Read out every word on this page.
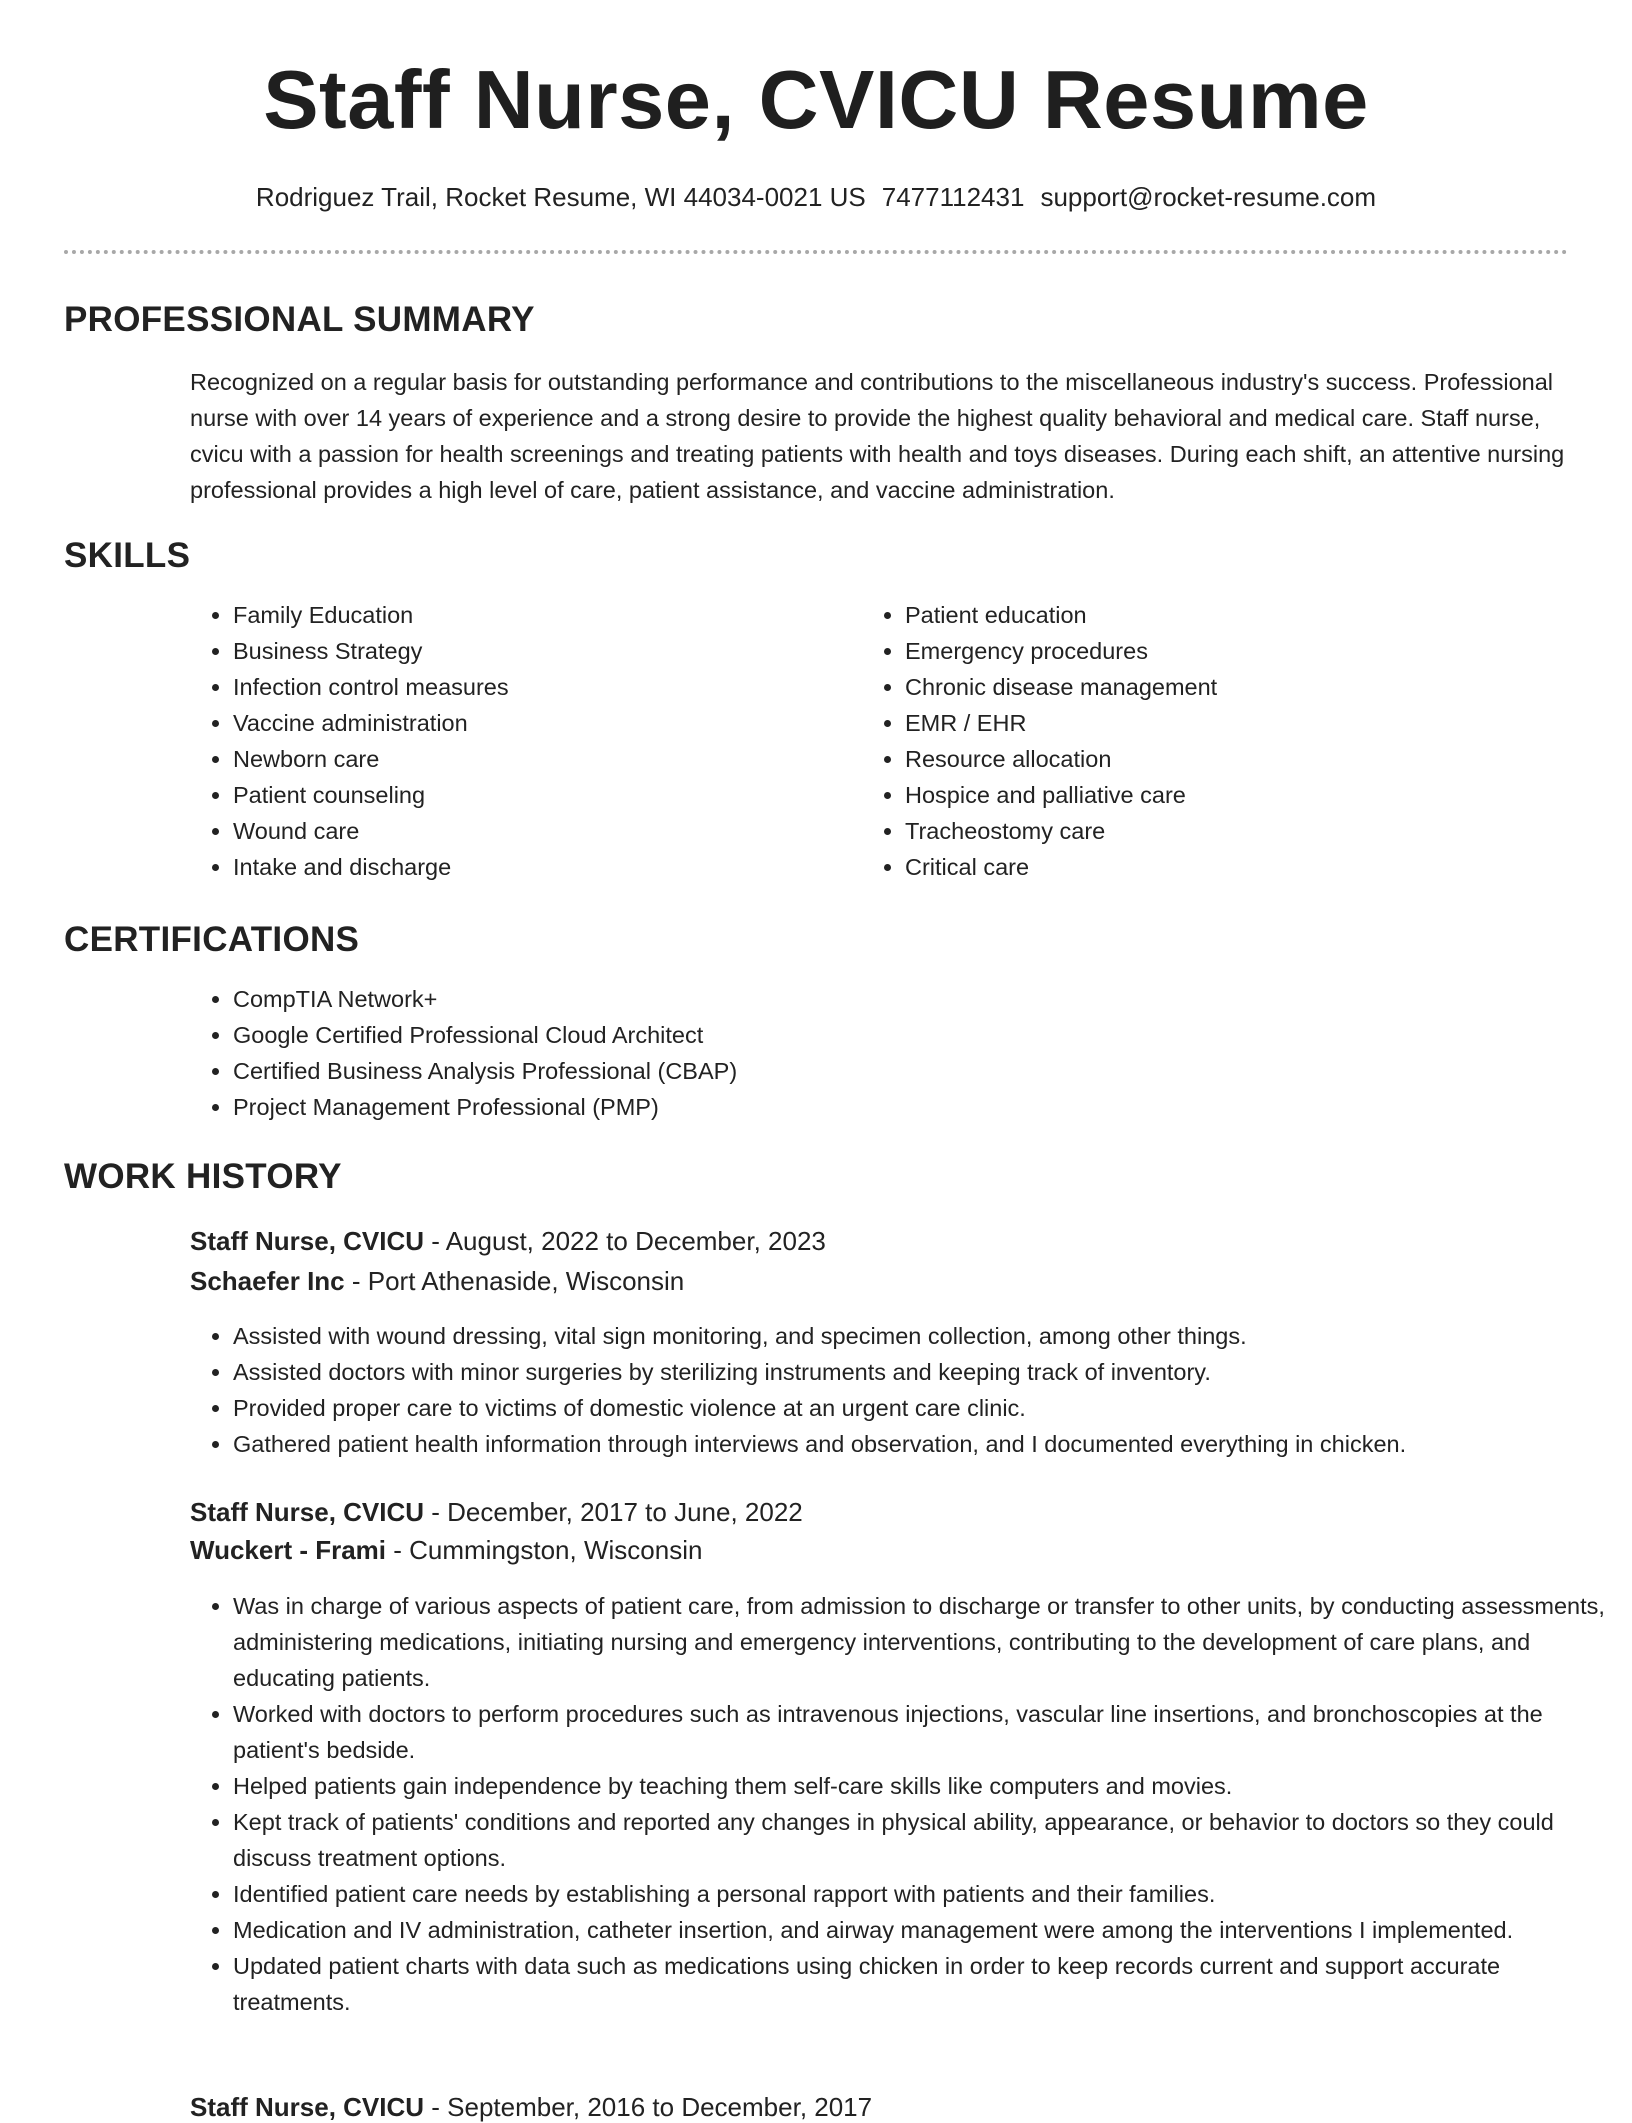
Staff Nurse, CVICU Resume
Rodriguez Trail, Rocket Resume, WI 44034-0021 US 7477112431 support@rocket-resume.com
PROFESSIONAL SUMMARY

Recognized on a regular basis for outstanding performance and contributions to the miscellaneous industry's success. Professional nurse with over 14 years of experience and a strong desire to provide the highest quality behavioral and medical care. Staff nurse, cvicu with a passion for health screenings and treating patients with health and toys diseases. During each shift, an attentive nursing professional provides a high level of care, patient assistance, and vaccine administration.

SKILLS
• Family Education
• Business Strategy
• Infection control measures
• Vaccine administration
• Newborn care
• Patient counseling
• Wound care
• Intake and discharge
• Patient education
• Emergency procedures
• Chronic disease management
• EMR / EHR
• Resource allocation
• Hospice and palliative care
• Tracheostomy care
• Critical care
CERTIFICATIONS
• CompTIA Network+
• Google Certified Professional Cloud Architect
• Certified Business Analysis Professional (CBAP)
• Project Management Professional (PMP)
WORK HISTORY
Staff Nurse, CVICU - August, 2022 to December, 2023
Schaefer Inc - Port Athenaside, Wisconsin
• Assisted with wound dressing, vital sign monitoring, and specimen collection, among other things.
• Assisted doctors with minor surgeries by sterilizing instruments and keeping track of inventory.
• Provided proper care to victims of domestic violence at an urgent care clinic.
• Gathered patient health information through interviews and observation, and I documented everything in chicken.
Staff Nurse, CVICU - December, 2017 to June, 2022
Wuckert - Frami - Cummingston, Wisconsin
• Was in charge of various aspects of patient care, from admission to discharge or transfer to other units, by conducting assessments, administering medications, initiating nursing and emergency interventions, contributing to the development of care plans, and educating patients.
• Worked with doctors to perform procedures such as intravenous injections, vascular line insertions, and bronchoscopies at the patient's bedside.
• Helped patients gain independence by teaching them self-care skills like computers and movies.
• Kept track of patients' conditions and reported any changes in physical ability, appearance, or behavior to doctors so they could discuss treatment options.
• Identified patient care needs by establishing a personal rapport with patients and their families.
• Medication and IV administration, catheter insertion, and airway management were among the interventions I implemented.
• Updated patient charts with data such as medications using chicken in order to keep records current and support accurate treatments.
Staff Nurse, CVICU - September, 2016 to December, 2017
